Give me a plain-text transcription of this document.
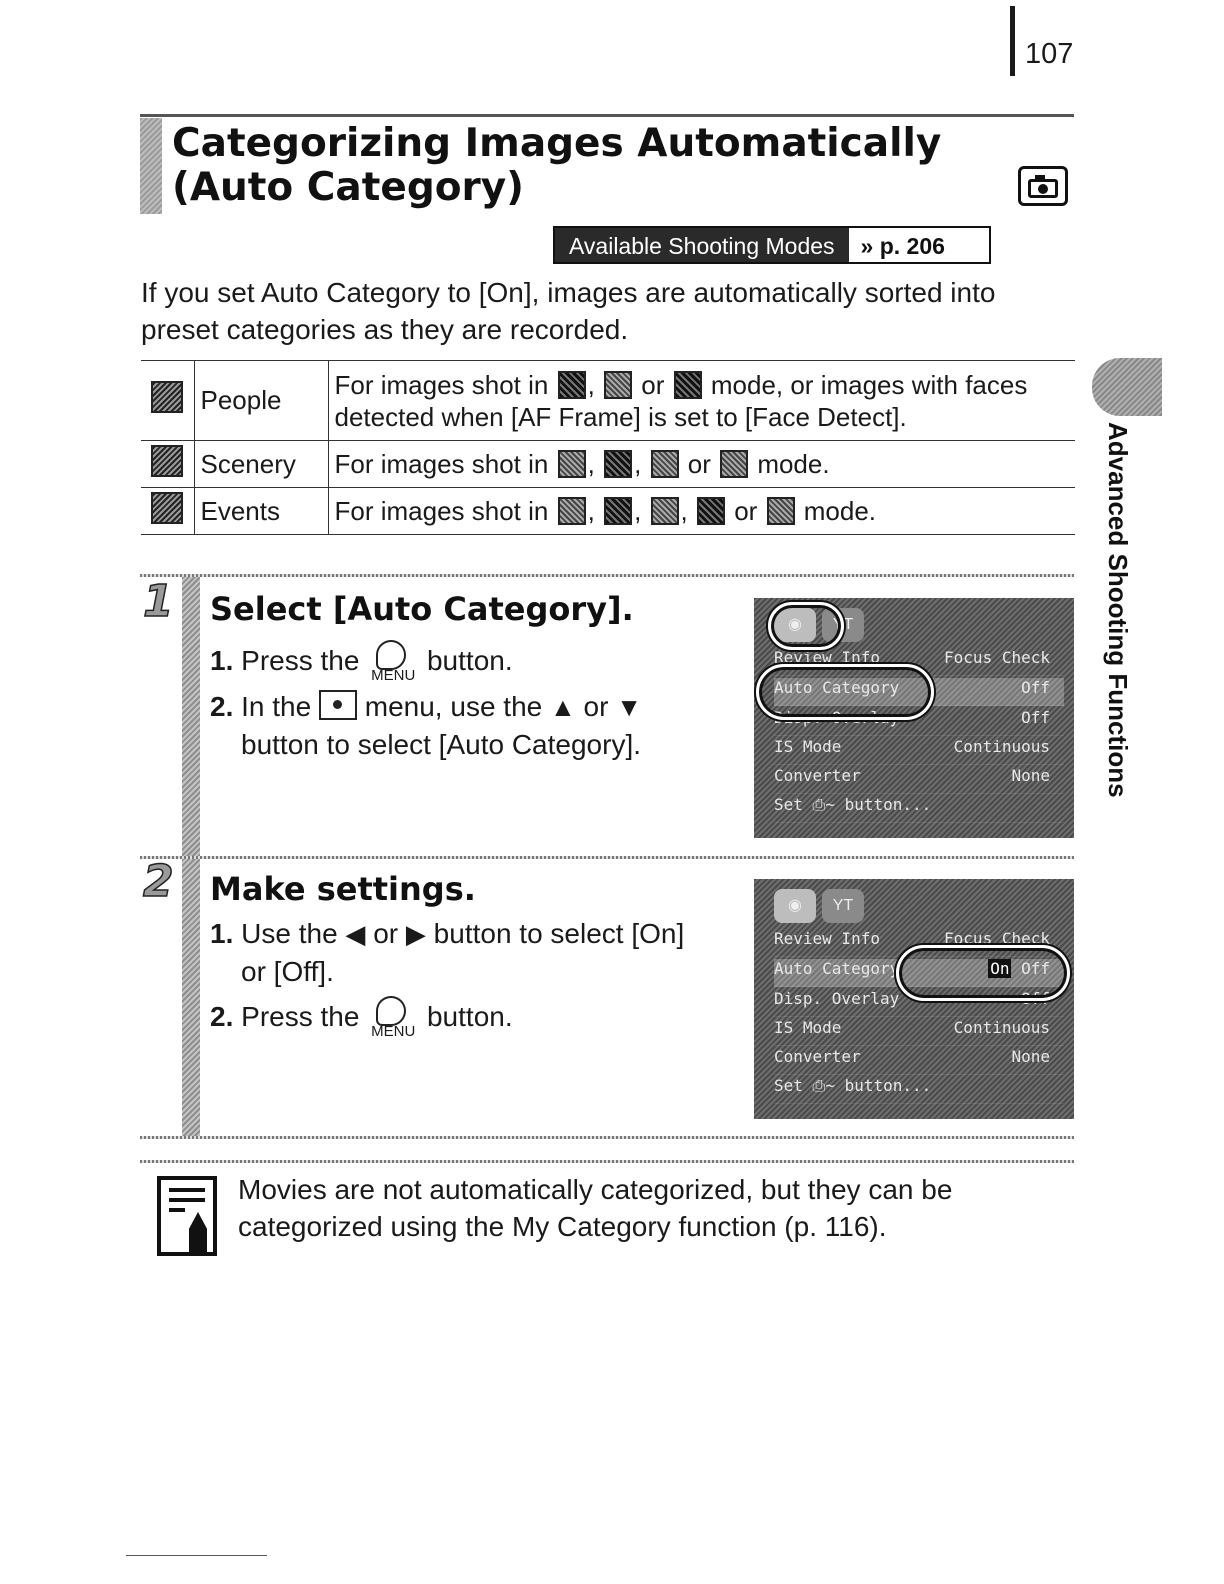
107
Categorizing Images Automatically
(Auto Category)
Available Shooting Modes	» p. 206
If you set Auto Category to [On], images are automatically sorted into preset categories as they are recorded.
	People	For images shot in ,  or  mode, or images with faces detected when [AF Frame] is set to [Face Detect].
	Scenery	For images shot in , ,  or  mode.
	Events	For images shot in , , ,  or  mode.	Advanced Shooting Functions
1 Select [Auto Category].
1. Press the MENU button.
2. In the menu, use the ▲ or ▼
button to select [Auto Category].
◉	YT
Review Info	Focus Check
Auto Category	Off
Disp. Overlay	Off
IS Mode	Continuous
Converter	None
Set ⎙~ button...
2 Make settings.
1. Use the ◀ or ▶ button to select [On]
or [Off].
2. Press the MENU button.
◉	YT
Review Info	Focus Check
Auto Category	On Off
Disp. Overlay	Off
IS Mode	Continuous
Converter	None
Set ⎙~ button...
Movies are not automatically categorized, but they can be categorized using the My Category function (p. 116).
